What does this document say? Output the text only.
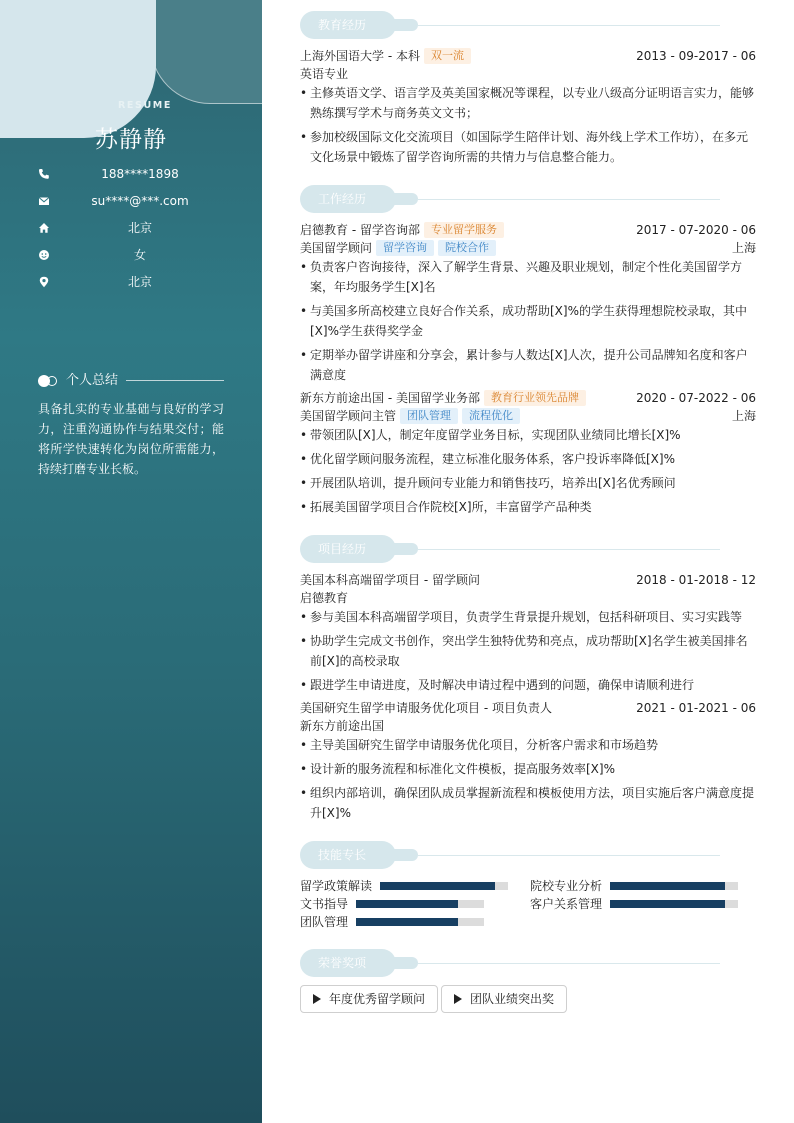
RESUME
苏静静
188****1898
su****@***.com
北京
女
北京
个人总结
具备扎实的专业基础与良好的学习力，注重沟通协作与结果交付；能将所学快速转化为岗位所需能力，持续打磨专业长板。
教育经历
上海外国语大学 - 本科 双一流	2013 - 09-2017 - 06
英语专业
• 主修英语文学、语言学及英美国家概况等课程，以专业八级高分证明语言实力，能够熟练撰写学术与商务英文文书；
• 参加校级国际文化交流项目（如国际学生陪伴计划、海外线上学术工作坊），在多元文化场景中锻炼了留学咨询所需的共情力与信息整合能力。
工作经历
启德教育 - 留学咨询部 专业留学服务	2017 - 07-2020 - 06
美国留学顾问 留学咨询 院校合作	上海
• 负责客户咨询接待，深入了解学生背景、兴趣及职业规划，制定个性化美国留学方案，年均服务学生[X]名
• 与美国多所高校建立良好合作关系，成功帮助[X]%的学生获得理想院校录取，其中[X]%学生获得奖学金
• 定期举办留学讲座和分享会，累计参与人数达[X]人次，提升公司品牌知名度和客户满意度
新东方前途出国 - 美国留学业务部 教育行业领先品牌	2020 - 07-2022 - 06
美国留学顾问主管 团队管理 流程优化	上海
• 带领团队[X]人，制定年度留学业务目标，实现团队业绩同比增长[X]%
• 优化留学顾问服务流程，建立标准化服务体系，客户投诉率降低[X]%
• 开展团队培训，提升顾问专业能力和销售技巧，培养出[X]名优秀顾问
• 拓展美国留学项目合作院校[X]所，丰富留学产品种类
项目经历
美国本科高端留学项目 - 留学顾问	2018 - 01-2018 - 12
启德教育
• 参与美国本科高端留学项目，负责学生背景提升规划，包括科研项目、实习实践等
• 协助学生完成文书创作，突出学生独特优势和亮点，成功帮助[X]名学生被美国排名前[X]的高校录取
• 跟进学生申请进度，及时解决申请过程中遇到的问题，确保申请顺利进行
美国研究生留学申请服务优化项目 - 项目负责人	2021 - 01-2021 - 06
新东方前途出国
• 主导美国研究生留学申请服务优化项目，分析客户需求和市场趋势
• 设计新的服务流程和标准化文件模板，提高服务效率[X]%
• 组织内部培训，确保团队成员掌握新流程和模板使用方法，项目实施后客户满意度提升[X]%
技能专长
留学政策解读	院校专业分析
文书指导	客户关系管理
团队管理
荣誉奖项
年度优秀留学顾问	团队业绩突出奖
